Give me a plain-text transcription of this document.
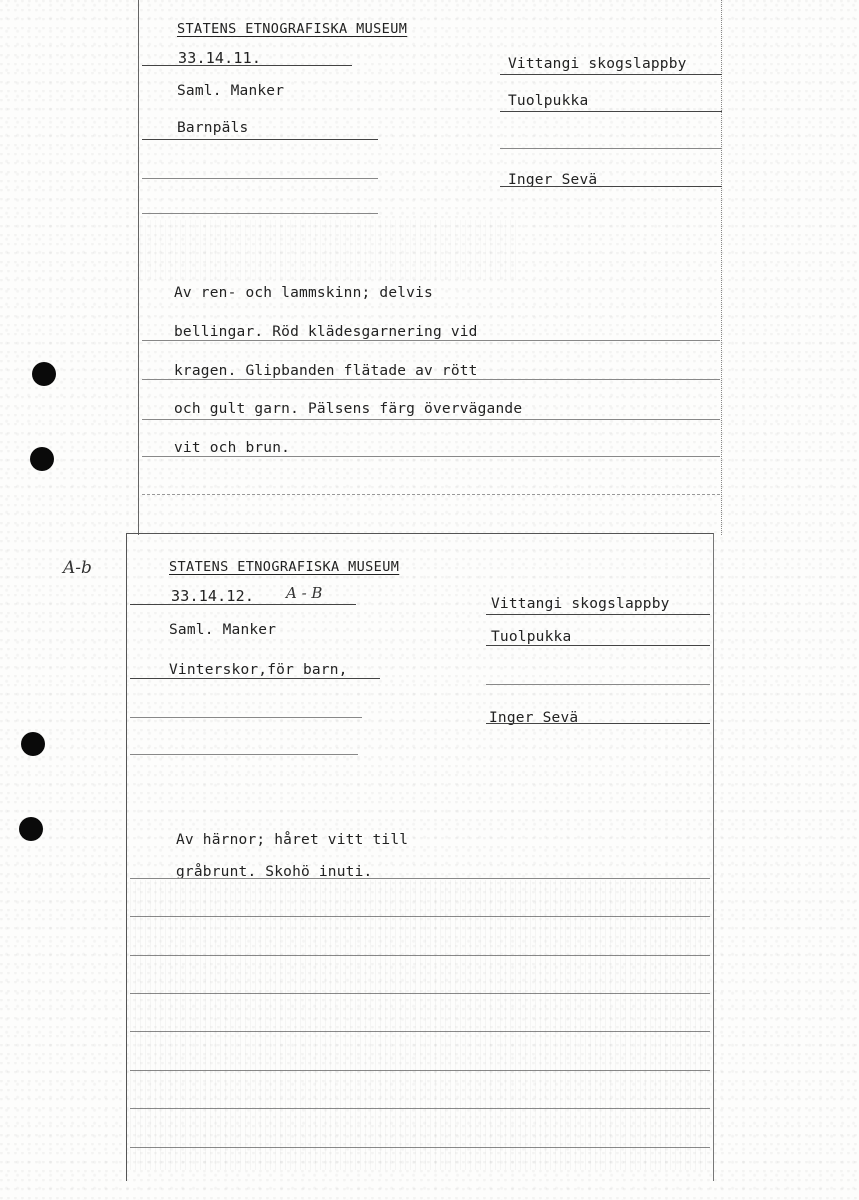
A-b
STATENS ETNOGRAFISKA MUSEUM
33.14.11.
Saml. Manker
Barnpäls
Vittangi skogslappby
Tuolpukka
Inger Sevä
Av ren- och lammskinn; delvis
bellingar. Röd klädesgarnering vid
kragen. Glipbanden flätade av rött
och gult garn. Pälsens färg övervägande
vit och brun.
STATENS ETNOGRAFISKA MUSEUM
33.14.12. A - B
Saml. Manker
Vinterskor,för barn,
Vittangi skogslappby
Tuolpukka
Inger Sevä
Av härnor; håret vitt till
gråbrunt. Skohö inuti.
